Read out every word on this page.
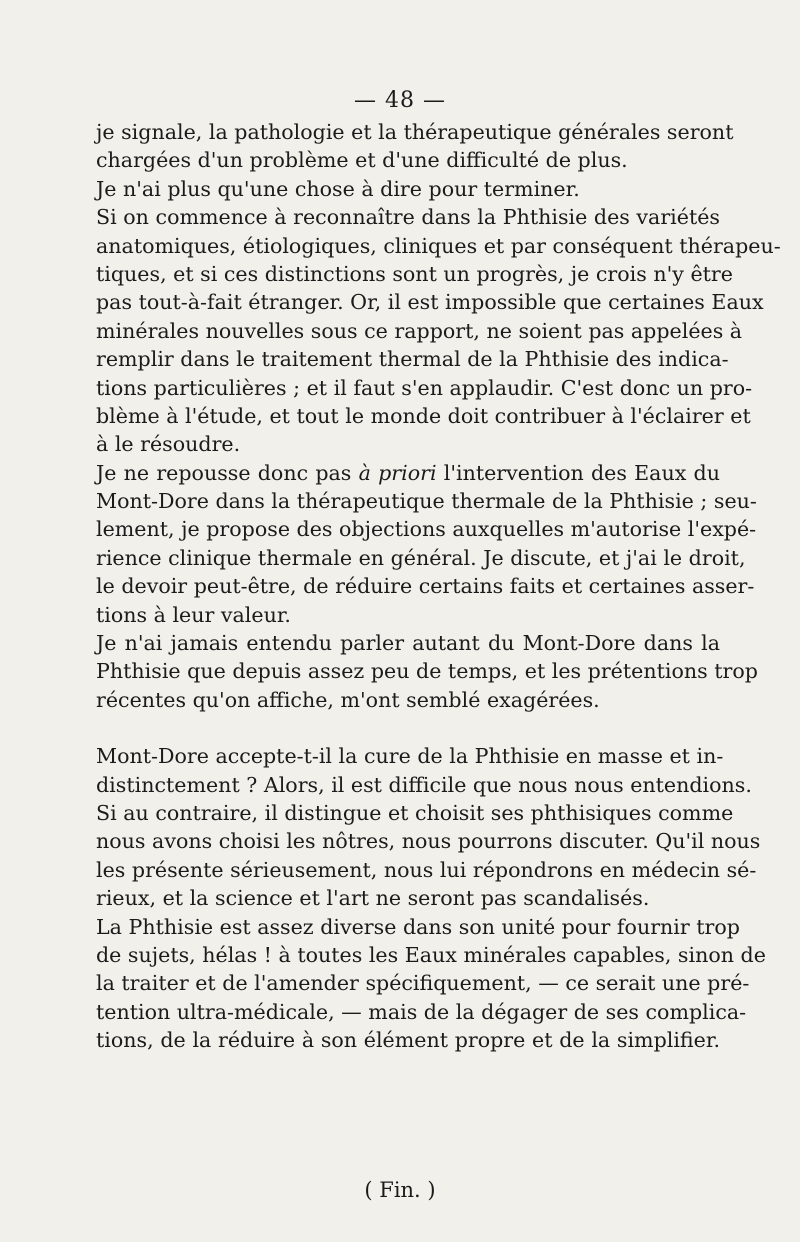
— 48 —
je signale, la pathologie et la thérapeutique générales seront
chargées d'un problème et d'une difficulté de plus.
Je n'ai plus qu'une chose à dire pour terminer.
Si on commence à reconnaître dans la Phthisie des variétés
anatomiques, étiologiques, cliniques et par conséquent thérapeu-
tiques, et si ces distinctions sont un progrès, je crois n'y être
pas tout-à-fait étranger. Or, il est impossible que certaines Eaux
minérales nouvelles sous ce rapport, ne soient pas appelées à
remplir dans le traitement thermal de la Phthisie des indica-
tions particulières ; et il faut s'en applaudir. C'est donc un pro-
blème à l'étude, et tout le monde doit contribuer à l'éclairer et
à le résoudre.
Je ne repousse donc pas à priori l'intervention des Eaux du
Mont-Dore dans la thérapeutique thermale de la Phthisie ; seu-
lement, je propose des objections auxquelles m'autorise l'expé-
rience clinique thermale en général. Je discute, et j'ai le droit,
le devoir peut-être, de réduire certains faits et certaines asser-
tions à leur valeur.
Je n'ai jamais entendu parler autant du Mont-Dore dans la
Phthisie que depuis assez peu de temps, et les prétentions trop
récentes qu'on affiche, m'ont semblé exagérées.
Mont-Dore accepte-t-il la cure de la Phthisie en masse et in-
distinctement ? Alors, il est difficile que nous nous entendions.
Si au contraire, il distingue et choisit ses phthisiques comme
nous avons choisi les nôtres, nous pourrons discuter. Qu'il nous
les présente sérieusement, nous lui répondrons en médecin sé-
rieux, et la science et l'art ne seront pas scandalisés.
La Phthisie est assez diverse dans son unité pour fournir trop
de sujets, hélas ! à toutes les Eaux minérales capables, sinon de
la traiter et de l'amender spécifiquement, — ce serait une pré-
tention ultra-médicale, — mais de la dégager de ses complica-
tions, de la réduire à son élément propre et de la simplifier.
( Fin. )
